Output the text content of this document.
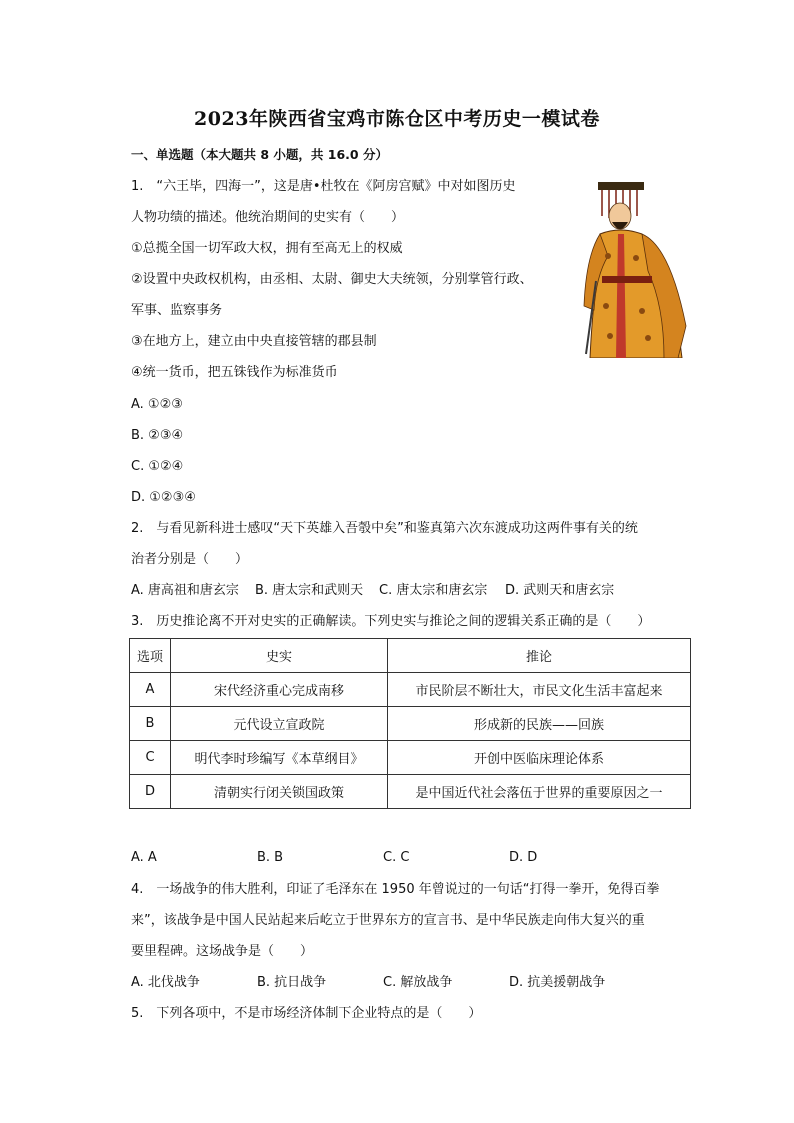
2023年陕西省宝鸡市陈仓区中考历史一模试卷
一、单选题（本大题共 8 小题，共 16.0 分）
1.　“六王毕，四海一”，这是唐•杜牧在《阿房宫赋》中对如图历史
人物功绩的描述。他统治期间的史实有（　　）
①总揽全国一切军政大权，拥有至高无上的权威
②设置中央政权机构，由丞相、太尉、御史大夫统领，分别掌管行政、
军事、监察事务
③在地方上，建立由中央直接管辖的郡县制
④统一货币，把五铢钱作为标准货币
A. ①②③
B. ②③④
C. ①②④
D. ①②③④
2.　与看见新科进士感叹“天下英雄入吾彀中矣”和鉴真第六次东渡成功这两件事有关的统
治者分别是（　　）
A. 唐高祖和唐玄宗	B. 唐太宗和武则天	C. 唐太宗和唐玄宗	D. 武则天和唐玄宗
3.　历史推论离不开对史实的正确解读。下列史实与推论之间的逻辑关系正确的是（　　）
选项	史实	推论
A	宋代经济重心完成南移	市民阶层不断壮大，市民文化生活丰富起来
B	元代设立宣政院	形成新的民族——回族
C	明代李时珍编写《本草纲目》	开创中医临床理论体系
D	清朝实行闭关锁国政策	是中国近代社会落伍于世界的重要原因之一
A. A	B. B	C. C	D. D
4.　一场战争的伟大胜利，印证了毛泽东在 1950 年曾说过的一句话“打得一拳开，免得百拳
来”，该战争是中国人民站起来后屹立于世界东方的宣言书、是中华民族走向伟大复兴的重
要里程碑。这场战争是（　　）
A. 北伐战争	B. 抗日战争	C. 解放战争	D. 抗美援朝战争
5.　下列各项中，不是市场经济体制下企业特点的是（　　）
